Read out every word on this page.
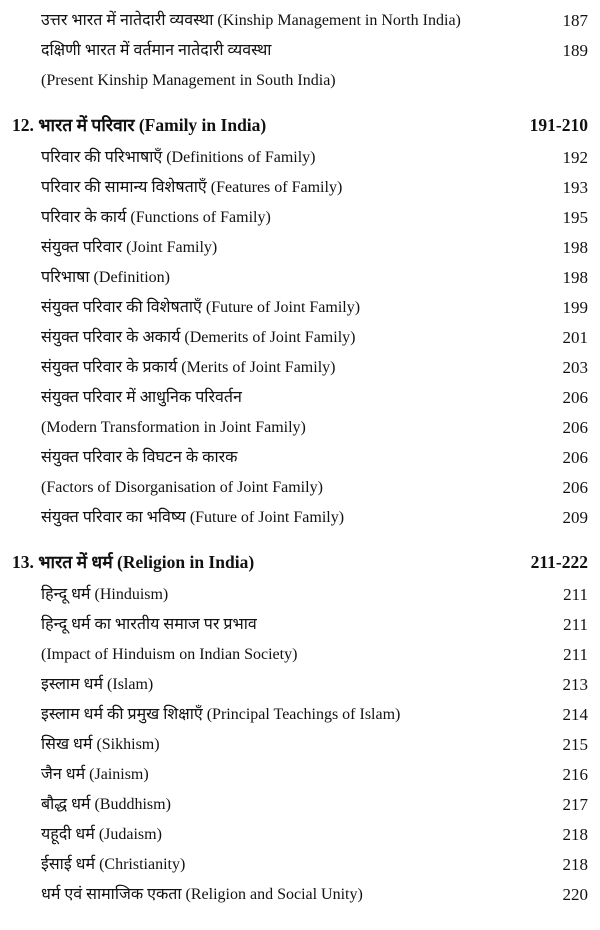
उत्तर भारत में नातेदारी व्यवस्था (Kinship Management in North India)	187
दक्षिणी भारत में वर्तमान नातेदारी व्यवस्था	189
(Present Kinship Management in South India)
12. भारत में परिवार (Family in India)	191-210
परिवार की परिभाषाएँ (Definitions of Family)	192
परिवार की सामान्य विशेषताएँ (Features of Family)	193
परिवार के कार्य (Functions of Family)	195
संयुक्त परिवार (Joint Family)	198
परिभाषा (Definition)	198
संयुक्त परिवार की विशेषताएँ (Future of Joint Family)	199
संयुक्त परिवार के अकार्य (Demerits of Joint Family)	201
संयुक्त परिवार के प्रकार्य (Merits of Joint Family)	203
संयुक्त परिवार में आधुनिक परिवर्तन	206
(Modern Transformation in Joint Family)	206
संयुक्त परिवार के विघटन के कारक	206
(Factors of Disorganisation of Joint Family)	206
संयुक्त परिवार का भविष्य (Future of Joint Family)	209
13. भारत में धर्म (Religion in India)	211-222
हिन्दू धर्म (Hinduism)	211
हिन्दू धर्म का भारतीय समाज पर प्रभाव	211
(Impact of Hinduism on Indian Society)	211
इस्लाम धर्म (Islam)	213
इस्लाम धर्म की प्रमुख शिक्षाएँ (Principal Teachings of Islam)	214
सिख धर्म (Sikhism)	215
जैन धर्म (Jainism)	216
बौद्ध धर्म (Buddhism)	217
यहूदी धर्म (Judaism)	218
ईसाई धर्म (Christianity)	218
धर्म एवं सामाजिक एकता (Religion and Social Unity)	220
